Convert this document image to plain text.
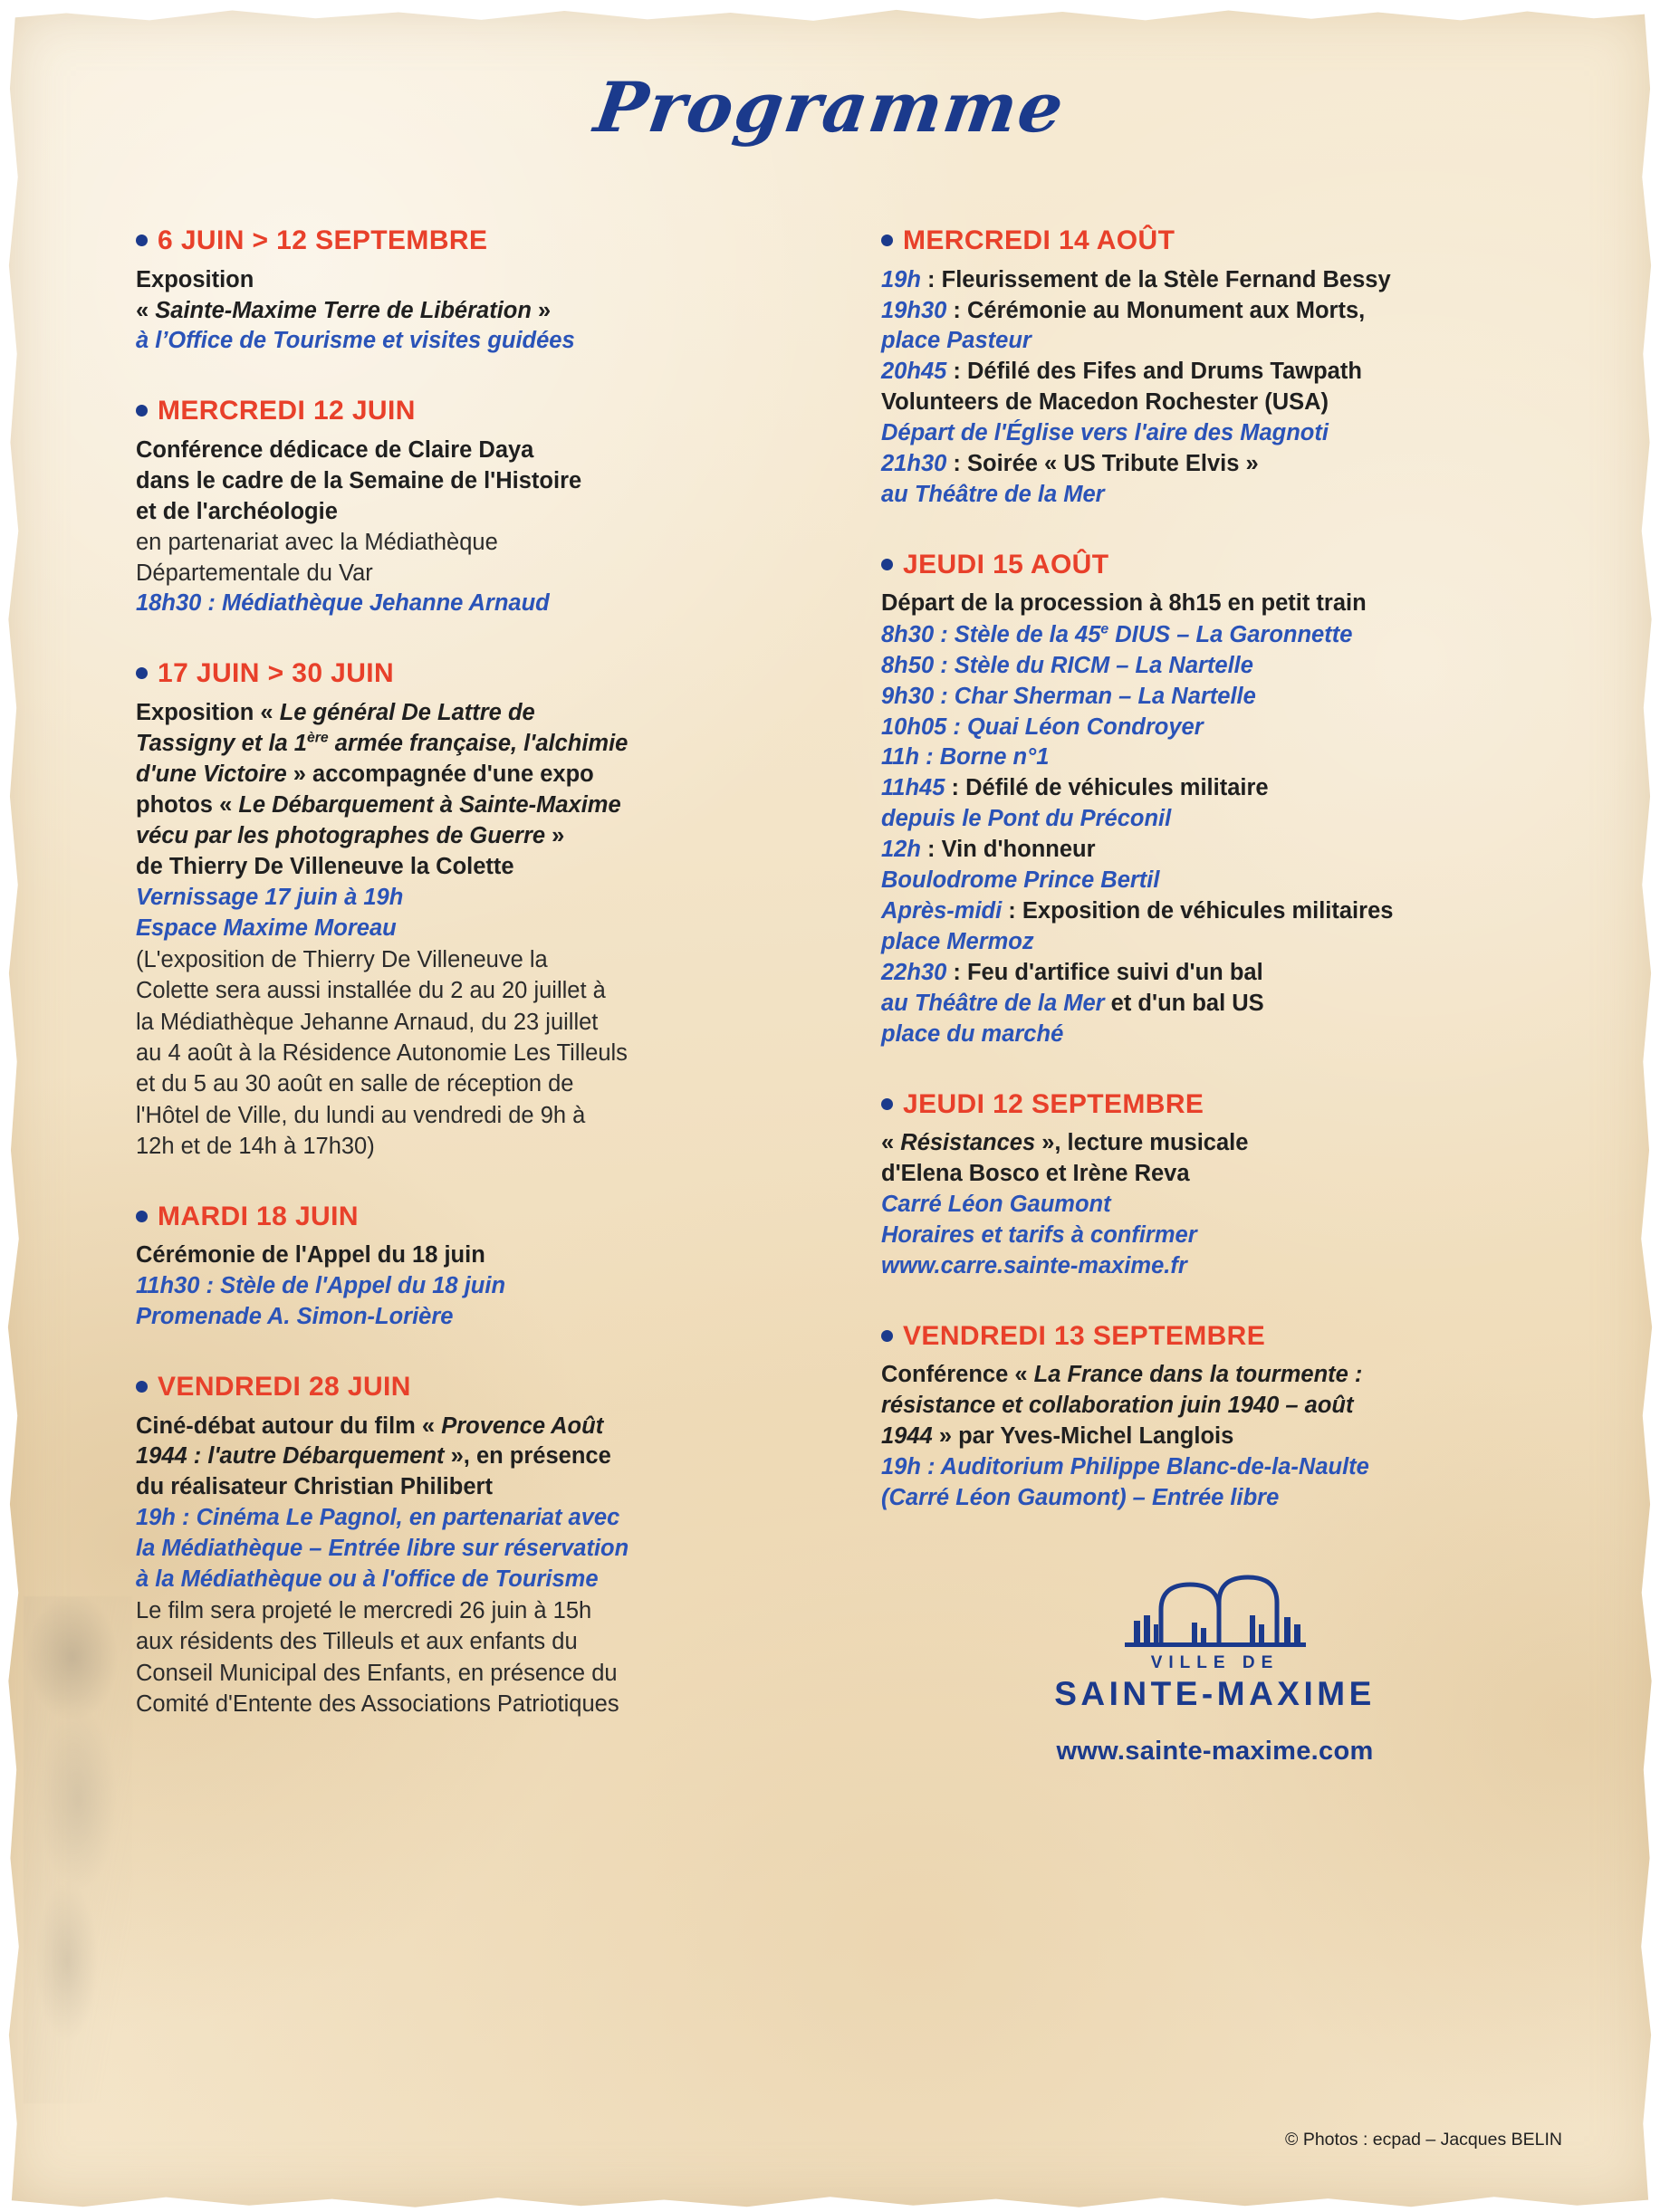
Programme
6 JUIN > 12 SEPTEMBRE
Exposition
« Sainte-Maxime Terre de Libération »
à l’Office de Tourisme et visites guidées
MERCREDI 12 JUIN
Conférence dédicace de Claire Daya
dans le cadre de la Semaine de l'Histoire
et de l'archéologie
en partenariat avec la Médiathèque
Départementale du Var
18h30 : Médiathèque Jehanne Arnaud
17 JUIN > 30 JUIN
Exposition « Le général De Lattre de
Tassigny et la 1ère armée française, l'alchimie
d'une Victoire » accompagnée d'une expo
photos « Le Débarquement à Sainte-Maxime
vécu par les photographes de Guerre »
de Thierry De Villeneuve la Colette
Vernissage 17 juin à 19h
Espace Maxime Moreau
(L'exposition de Thierry De Villeneuve la
Colette sera aussi installée du 2 au 20 juillet à
la Médiathèque Jehanne Arnaud, du 23 juillet
au 4 août à la Résidence Autonomie Les Tilleuls
et du 5 au 30 août en salle de réception de
l'Hôtel de Ville, du lundi au vendredi de 9h à
12h et de 14h à 17h30)
MARDI 18 JUIN
Cérémonie de l'Appel du 18 juin
11h30 : Stèle de l'Appel du 18 juin
Promenade A. Simon-Lorière
VENDREDI 28 JUIN
Ciné-débat autour du film « Provence Août
1944 : l'autre Débarquement », en présence
du réalisateur Christian Philibert
19h : Cinéma Le Pagnol, en partenariat avec
la Médiathèque – Entrée libre sur réservation
à la Médiathèque ou à l'office de Tourisme
Le film sera projeté le mercredi 26 juin à 15h
aux résidents des Tilleuls et aux enfants du
Conseil Municipal des Enfants, en présence du
Comité d'Entente des Associations Patriotiques
MERCREDI 14 AOÛT
19h : Fleurissement de la Stèle Fernand Bessy
19h30 : Cérémonie au Monument aux Morts,
place Pasteur
20h45 : Défilé des Fifes and Drums Tawpath
Volunteers de Macedon Rochester (USA)
Départ de l'Église vers l'aire des Magnoti
21h30 : Soirée « US Tribute Elvis »
au Théâtre de la Mer
JEUDI 15 AOÛT
Départ de la procession à 8h15 en petit train
8h30 : Stèle de la 45e DIUS – La Garonnette
8h50 : Stèle du RICM – La Nartelle
9h30 : Char Sherman – La Nartelle
10h05 : Quai Léon Condroyer
11h : Borne n°1
11h45 : Défilé de véhicules militaire
depuis le Pont du Préconil
12h : Vin d'honneur
Boulodrome Prince Bertil
Après-midi : Exposition de véhicules militaires
place Mermoz
22h30 : Feu d'artifice suivi d'un bal
au Théâtre de la Mer et d'un bal US
place du marché
JEUDI 12 SEPTEMBRE
« Résistances », lecture musicale
d'Elena Bosco et Irène Reva
Carré Léon Gaumont
Horaires et tarifs à confirmer
www.carre.sainte-maxime.fr
VENDREDI 13 SEPTEMBRE
Conférence « La France dans la tourmente :
résistance et collaboration juin 1940 – août
1944 » par Yves-Michel Langlois
19h : Auditorium Philippe Blanc-de-la-Naulte
(Carré Léon Gaumont) – Entrée libre
VILLE DE
SAINTE-MAXIME
www.sainte-maxime.com
© Photos : ecpad – Jacques BELIN
